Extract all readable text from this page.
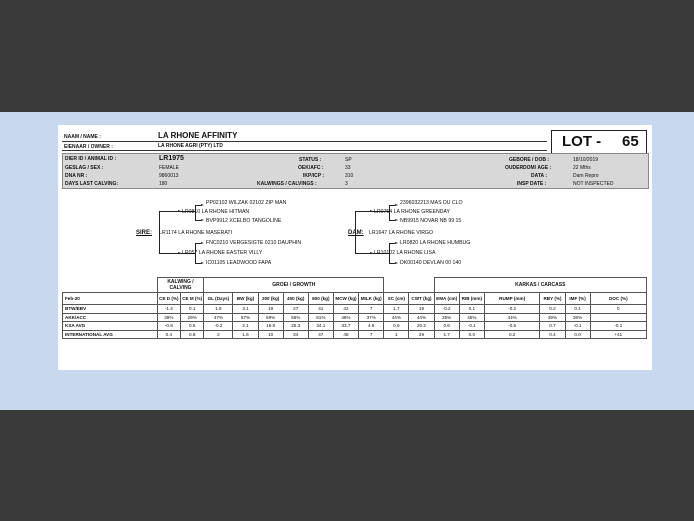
NAAM / NAME :	LA RHONE AFFINITY
EIENAAR / OWNER :	LA RHONE AGRI (PTY) LTD	LOT - 65
DIER ID / ANIMAL ID :	LR1975
GESLAG / SEX :	FEMALE
DNA NR :	9860013
DAYS LAST CALVING:	180
STATUS :	SP
OEK/AFC :	33
IKP/ICP :	310
KALWINGS / CALVINGS :	3
GEBORE / DOB :	18/10/2019
OUDERDOM/ AGE :	22 Mths
DATA :	Dam Repro
INSP DATE :	NOT INSPECTED
PP02102 WILZAK 02102 ZIP MAN
LR0810 LA RHONE HITMAN
BVP9912 XCELBO TANGOLINE
SIRE: LR1174 LA RHONE MASERATI
FNC0210 VERGESIGTE 0210 DAUPHIN
LR057 LA RHONE EASTER VILLY
IC01105 LEADWOOD FAPA
2396032213 MAS DU CLO
LR0754 LA RHONE GREENDAY
NB9915 NOVAR NB 99 15
DAM: LR1647 LA RHONE VIRGO
LR0820 LA RHONE HUMBUG
LR10102 LA RHONE LISA
DK00140 DEVLAN 00 140
	KALWING / CALVING		GROEI / GROWTH									KARKAS / CARCASS					
Feb-20	CE D (%)	CE M (%)	GL (Days)	BW (kg)	200 (kg)	400 (kg)	600 (kg)	MCW (kg)	MILK (kg)	SC (cm)	CWT (kg)	EMA (cm)	RIB (mm)	RUMP (mm)	RBY (%)	IMF (%)	DOC (%)
BTW/EBV	-1.4	0.1	1.6	3.1	19	27	41	42	7	1.7	19	-0.2	0.1	-0.2	0.2	0.1	0
AKK/ACC	39%	29%	47%	67%	59%	58%	61%	48%	37%	44%	44%	35%	45%	44%	39%	36%	
KSA AVG	-0.8	0.5	-0.2	2.1	16.8	25.3	34.1	33.7	4.8	0.9	20.2	0.6	-0.1	-0.5	0.7	-0.1	-0.1
INTERNATIONAL AVG	0.4	0.8	2	1.6	10	34	47	48	7	1	29	1.7	0.0	0.2	0.4	0.0	+41
